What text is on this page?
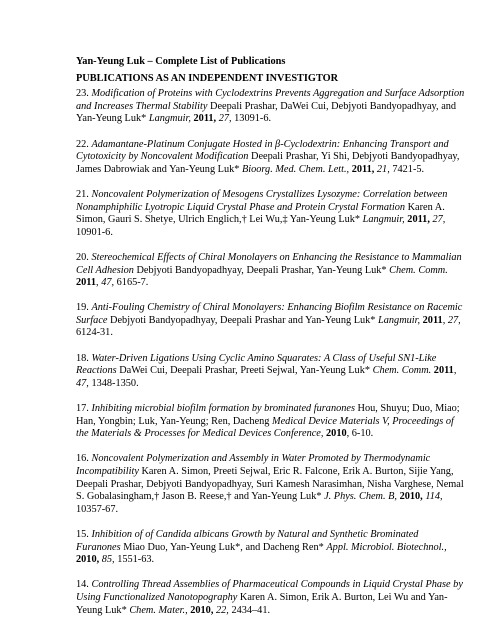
Yan-Yeung Luk – Complete List of Publications
PUBLICATIONS AS AN INDEPENDENT INVESTIGTOR
23. Modification of Proteins with Cyclodextrins Prevents Aggregation and Surface Adsorption and Increases Thermal Stability Deepali Prashar, DaWei Cui, Debjyoti Bandyopadhyay, and Yan-Yeung Luk* Langmuir, 2011, 27, 13091-6.
22. Adamantane-Platinum Conjugate Hosted in β-Cyclodextrin: Enhancing Transport and Cytotoxicity by Noncovalent Modification Deepali Prashar, Yi Shi, Debjyoti Bandyopadhyay, James Dabrowiak and Yan-Yeung Luk* Bioorg. Med. Chem. Lett., 2011, 21, 7421-5.
21. Noncovalent Polymerization of Mesogens Crystallizes Lysozyme: Correlation between Nonamphiphilic Lyotropic Liquid Crystal Phase and Protein Crystal Formation Karen A. Simon, Gauri S. Shetye, Ulrich Englich,† Lei Wu,‡ Yan-Yeung Luk* Langmuir, 2011, 27, 10901-6.
20. Stereochemical Effects of Chiral Monolayers on Enhancing the Resistance to Mammalian Cell Adhesion Debjyoti Bandyopadhyay, Deepali Prashar, Yan-Yeung Luk* Chem. Comm. 2011, 47, 6165-7.
19. Anti-Fouling Chemistry of Chiral Monolayers: Enhancing Biofilm Resistance on Racemic Surface Debjyoti Bandyopadhyay, Deepali Prashar and Yan-Yeung Luk* Langmuir, 2011, 27, 6124-31.
18. Water-Driven Ligations Using Cyclic Amino Squarates: A Class of Useful SN1-Like Reactions DaWei Cui, Deepali Prashar, Preeti Sejwal, Yan-Yeung Luk* Chem. Comm. 2011, 47, 1348-1350.
17. Inhibiting microbial biofilm formation by brominated furanones Hou, Shuyu; Duo, Miao; Han, Yongbin; Luk, Yan-Yeung; Ren, Dacheng Medical Device Materials V, Proceedings of the Materials & Processes for Medical Devices Conference, 2010, 6-10.
16. Noncovalent Polymerization and Assembly in Water Promoted by Thermodynamic Incompatibility Karen A. Simon, Preeti Sejwal, Eric R. Falcone, Erik A. Burton, Sijie Yang, Deepali Prashar, Debjyoti Bandyopadhyay, Suri Kamesh Narasimhan, Nisha Varghese, Nemal S. Gobalasingham,† Jason B. Reese,† and Yan-Yeung Luk* J. Phys. Chem. B, 2010, 114, 10357-67.
15. Inhibition of of Candida albicans Growth by Natural and Synthetic Brominated Furanones Miao Duo, Yan-Yeung Luk*, and Dacheng Ren* Appl. Microbiol. Biotechnol., 2010, 85, 1551-63.
14. Controlling Thread Assemblies of Pharmaceutical Compounds in Liquid Crystal Phase by Using Functionalized Nanotopography Karen A. Simon, Erik A. Burton, Lei Wu and Yan-Yeung Luk* Chem. Mater., 2010, 22, 2434–41.
